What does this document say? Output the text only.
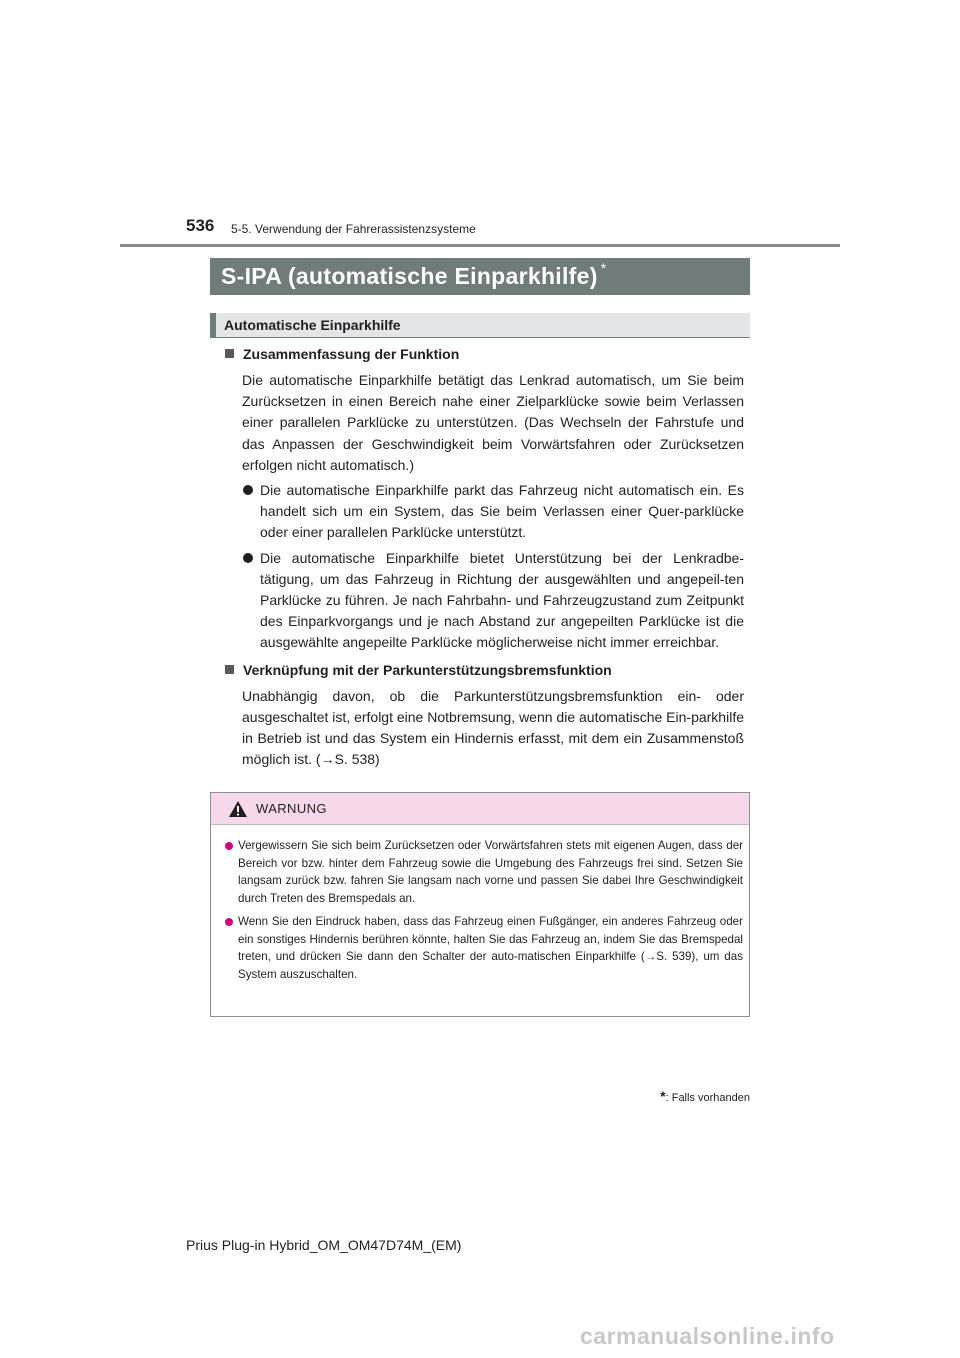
536 5-5. Verwendung der Fahrerassistenzsysteme
S-IPA (automatische Einparkhilfe) *
Automatische Einparkhilfe
Zusammenfassung der Funktion
Die automatische Einparkhilfe betätigt das Lenkrad automatisch, um Sie beim Zurücksetzen in einen Bereich nahe einer Zielparklücke sowie beim Verlassen einer parallelen Parklücke zu unterstützen. (Das Wechseln der Fahrstufe und das Anpassen der Geschwindigkeit beim Vorwärtsfahren oder Zurücksetzen erfolgen nicht automatisch.)
Die automatische Einparkhilfe parkt das Fahrzeug nicht automatisch ein. Es handelt sich um ein System, das Sie beim Verlassen einer Quer-parklücke oder einer parallelen Parklücke unterstützt.
Die automatische Einparkhilfe bietet Unterstützung bei der Lenkradbe-tätigung, um das Fahrzeug in Richtung der ausgewählten und angepeil-ten Parklücke zu führen. Je nach Fahrbahn- und Fahrzeugzustand zum Zeitpunkt des Einparkvorgangs und je nach Abstand zur angepeilten Parklücke ist die ausgewählte angepeilte Parklücke möglicherweise nicht immer erreichbar.
Verknüpfung mit der Parkunterstützungsbremsfunktion
Unabhängig davon, ob die Parkunterstützungsbremsfunktion ein- oder ausgeschaltet ist, erfolgt eine Notbremsung, wenn die automatische Ein-parkhilfe in Betrieb ist und das System ein Hindernis erfasst, mit dem ein Zusammenstoß möglich ist. (→S. 538)
WARNUNG
Vergewissern Sie sich beim Zurücksetzen oder Vorwärtsfahren stets mit eigenen Augen, dass der Bereich vor bzw. hinter dem Fahrzeug sowie die Umgebung des Fahrzeugs frei sind. Setzen Sie langsam zurück bzw. fahren Sie langsam nach vorne und passen Sie dabei Ihre Geschwindigkeit durch Treten des Bremspedals an.
Wenn Sie den Eindruck haben, dass das Fahrzeug einen Fußgänger, ein anderes Fahrzeug oder ein sonstiges Hindernis berühren könnte, halten Sie das Fahrzeug an, indem Sie das Bremspedal treten, und drücken Sie dann den Schalter der auto-matischen Einparkhilfe (→S. 539), um das System auszuschalten.
*: Falls vorhanden
Prius Plug-in Hybrid_OM_OM47D74M_(EM)
carmanualsonline.info
